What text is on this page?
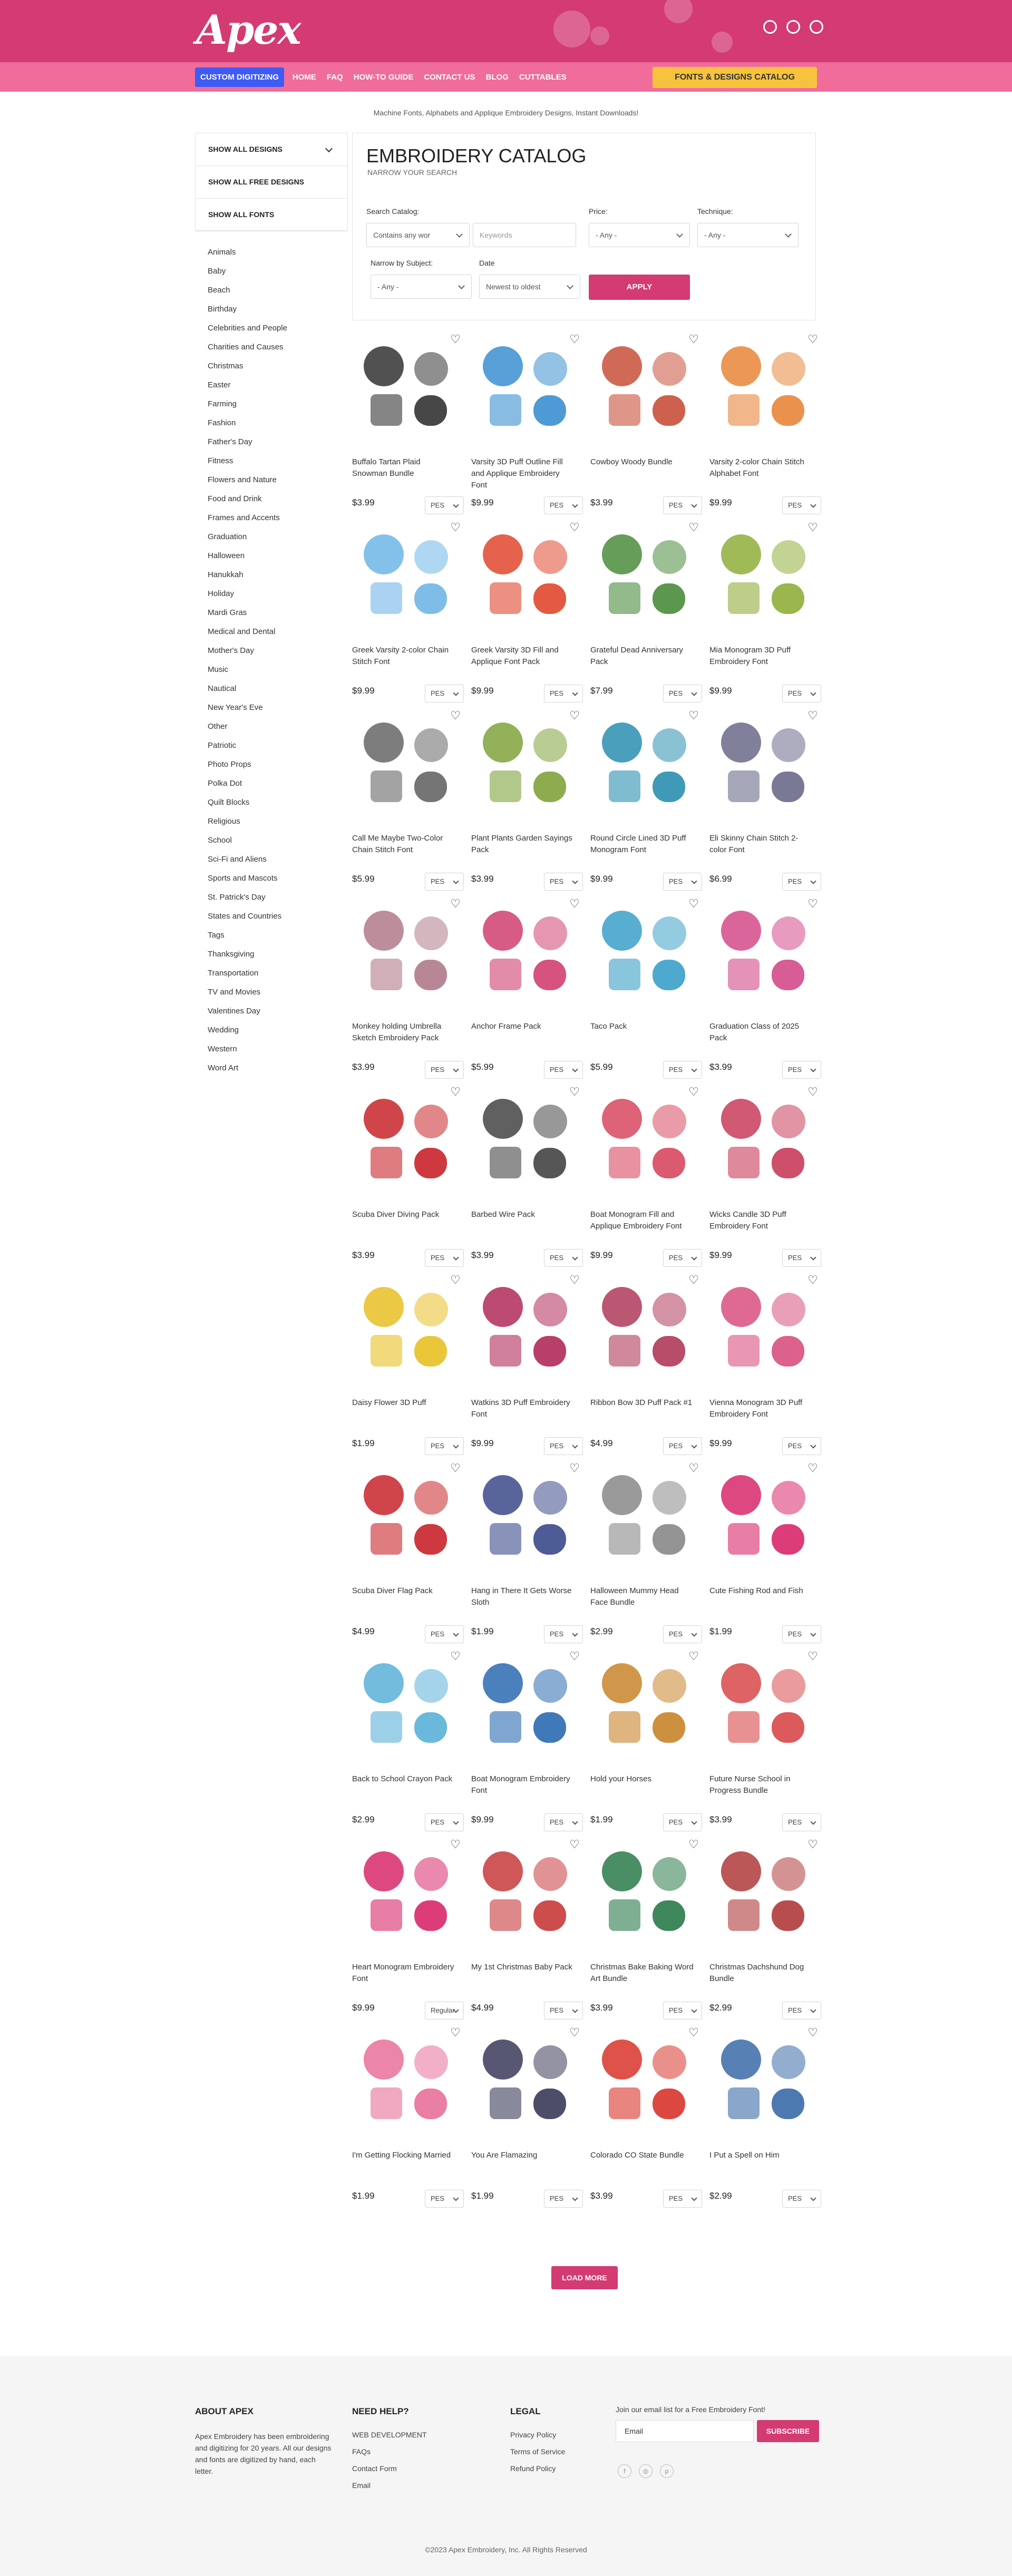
Apex
CUSTOM DIGITIZING	HOME	FAQ	HOW-TO GUIDE	CONTACT US	BLOG	CUTTABLES	FONTS & DESIGNS CATALOG
Machine Fonts, Alphabets and Applique Embroidery Designs, Instant Downloads!
SHOW ALL DESIGNS
SHOW ALL FREE DESIGNS
SHOW ALL FONTS
Animals
Baby
Beach
Birthday
Celebrities and People
Charities and Causes
Christmas
Easter
Farming
Fashion
Father's Day
Fitness
Flowers and Nature
Food and Drink
Frames and Accents
Graduation
Halloween
Hanukkah
Holiday
Mardi Gras
Medical and Dental
Mother's Day
Music
Nautical
New Year's Eve
Other
Patriotic
Photo Props
Polka Dot
Quilt Blocks
Religious
School
Sci-Fi and Aliens
Sports and Mascots
St. Patrick's Day
States and Countries
Tags
Thanksgiving
Transportation
TV and Movies
Valentines Day
Wedding
Western
Word Art
EMBROIDERY CATALOG
NARROW YOUR SEARCH
Search Catalog:
Contains any wor	Keywords
Price:
- Any -
Technique:
- Any -
Narrow by Subject:
- Any -
Date
Newest to oldest	APPLY
♡
Buffalo Tartan Plaid Snowman Bundle
$3.99	PES
♡
Varsity 3D Puff Outline Fill and Applique Embroidery Font
$9.99	PES
♡
Cowboy Woody Bundle
$3.99	PES
♡
Varsity 2-color Chain Stitch Alphabet Font
$9.99	PES
♡
Greek Varsity 2-color Chain Stitch Font
$9.99	PES
♡
Greek Varsity 3D Fill and Applique Font Pack
$9.99	PES
♡
Grateful Dead Anniversary Pack
$7.99	PES
♡
Mia Monogram 3D Puff Embroidery Font
$9.99	PES
♡
Call Me Maybe Two-Color Chain Stitch Font
$5.99	PES
♡
Plant Plants Garden Sayings Pack
$3.99	PES
♡
Round Circle Lined 3D Puff Monogram Font
$9.99	PES
♡
Eli Skinny Chain Stitch 2-color Font
$6.99	PES
♡
Monkey holding Umbrella Sketch Embroidery Pack
$3.99	PES
♡
Anchor Frame Pack
$5.99	PES
♡
Taco Pack
$5.99	PES
♡
Graduation Class of 2025 Pack
$3.99	PES
♡
Scuba Diver Diving Pack
$3.99	PES
♡
Barbed Wire Pack
$3.99	PES
♡
Boat Monogram Fill and Applique Embroidery Font
$9.99	PES
♡
Wicks Candle 3D Puff Embroidery Font
$9.99	PES
♡
Daisy Flower 3D Puff
$1.99	PES
♡
Watkins 3D Puff Embroidery Font
$9.99	PES
♡
Ribbon Bow 3D Puff Pack #1
$4.99	PES
♡
Vienna Monogram 3D Puff Embroidery Font
$9.99	PES
♡
Scuba Diver Flag Pack
$4.99	PES
♡
Hang in There It Gets Worse Sloth
$1.99	PES
♡
Halloween Mummy Head Face Bundle
$2.99	PES
♡
Cute Fishing Rod and Fish
$1.99	PES
♡
Back to School Crayon Pack
$2.99	PES
♡
Boat Monogram Embroidery Font
$9.99	PES
♡
Hold your Horses
$1.99	PES
♡
Future Nurse School in Progress Bundle
$3.99	PES
♡
Heart Monogram Embroidery Font
$9.99	Regular
♡
My 1st Christmas Baby Pack
$4.99	PES
♡
Christmas Bake Baking Word Art Bundle
$3.99	PES
♡
Christmas Dachshund Dog Bundle
$2.99	PES
♡
I'm Getting Flocking Married
$1.99	PES
♡
You Are Flamazing
$1.99	PES
♡
Colorado CO State Bundle
$3.99	PES
♡
I Put a Spell on Him
$2.99	PES
LOAD MORE
ABOUT APEX
Apex Embroidery has been embroidering and digitizing for 20 years. All our designs and fonts are digitized by hand, each letter.
NEED HELP?
WEB DEVELOPMENT
FAQs
Contact Form
Email
LEGAL
Privacy Policy
Terms of Service
Refund Policy
Join our email list for a Free Embroidery Font!
Email	SUBSCRIBE
f	◎	p
©2023 Apex Embroidery, Inc. All Rights Reserved
